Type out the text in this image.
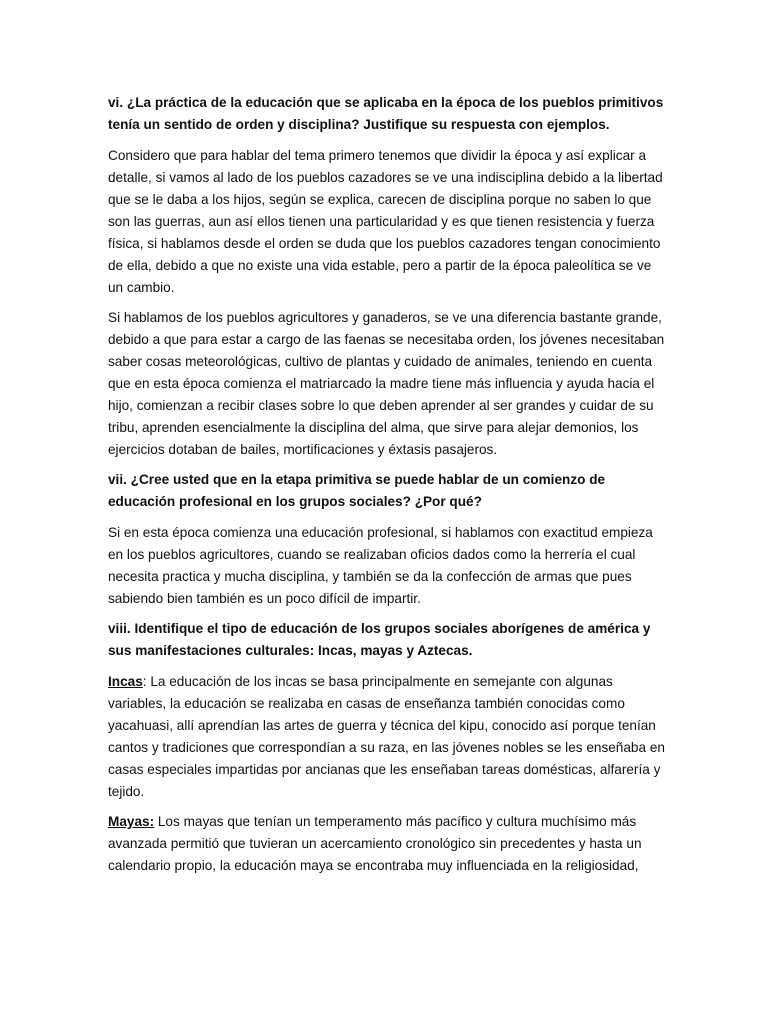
vi. ¿La práctica de la educación que se aplicaba en la época de los pueblos primitivos tenía un sentido de orden y disciplina? Justifique su respuesta con ejemplos.

Considero que para hablar del tema primero tenemos que dividir la época y así explicar a detalle, si vamos al lado de los pueblos cazadores se ve una indisciplina debido a la libertad que se le daba a los hijos, según se explica, carecen de disciplina porque no saben lo que son las guerras, aun así ellos tienen una particularidad y es que tienen resistencia y fuerza física, si hablamos desde el orden se duda que los pueblos cazadores tengan conocimiento de ella, debido a que no existe una vida estable, pero a partir de la época paleolítica se ve un cambio.

Si hablamos de los pueblos agricultores y ganaderos, se ve una diferencia bastante grande, debido a que para estar a cargo de las faenas se necesitaba orden, los jóvenes necesitaban saber cosas meteorológicas, cultivo de plantas y cuidado de animales, teniendo en cuenta que en esta época comienza el matriarcado la madre tiene más influencia y ayuda hacia el hijo, comienzan a recibir clases sobre lo que deben aprender al ser grandes y cuidar de su tribu, aprenden esencialmente la disciplina del alma, que sirve para alejar demonios, los ejercicios dotaban de bailes, mortificaciones y éxtasis pasajeros.

vii. ¿Cree usted que en la etapa primitiva se puede hablar de un comienzo de educación profesional en los grupos sociales? ¿Por qué?

Si en esta época comienza una educación profesional, si hablamos con exactitud empieza en los pueblos agricultores, cuando se realizaban oficios dados como la herrería el cual necesita practica y mucha disciplina, y también se da la confección de armas que pues sabiendo bien también es un poco difícil de impartir.

viii. Identifique el tipo de educación de los grupos sociales aborígenes de américa y sus manifestaciones culturales: Incas, mayas y Aztecas.

Incas: La educación de los incas se basa principalmente en semejante con algunas variables, la educación se realizaba en casas de enseñanza también conocidas como yacahuasi, allí aprendían las artes de guerra y técnica del kipu, conocido así porque tenían cantos y tradiciones que correspondían a su raza, en las jóvenes nobles se les enseñaba en casas especiales impartidas por ancianas que les enseñaban tareas domésticas, alfarería y tejido.

Mayas: Los mayas que tenían un temperamento más pacífico y cultura muchísimo más avanzada permitió que tuvieran un acercamiento cronológico sin precedentes y hasta un calendario propio, la educación maya se encontraba muy influenciada en la religiosidad,
